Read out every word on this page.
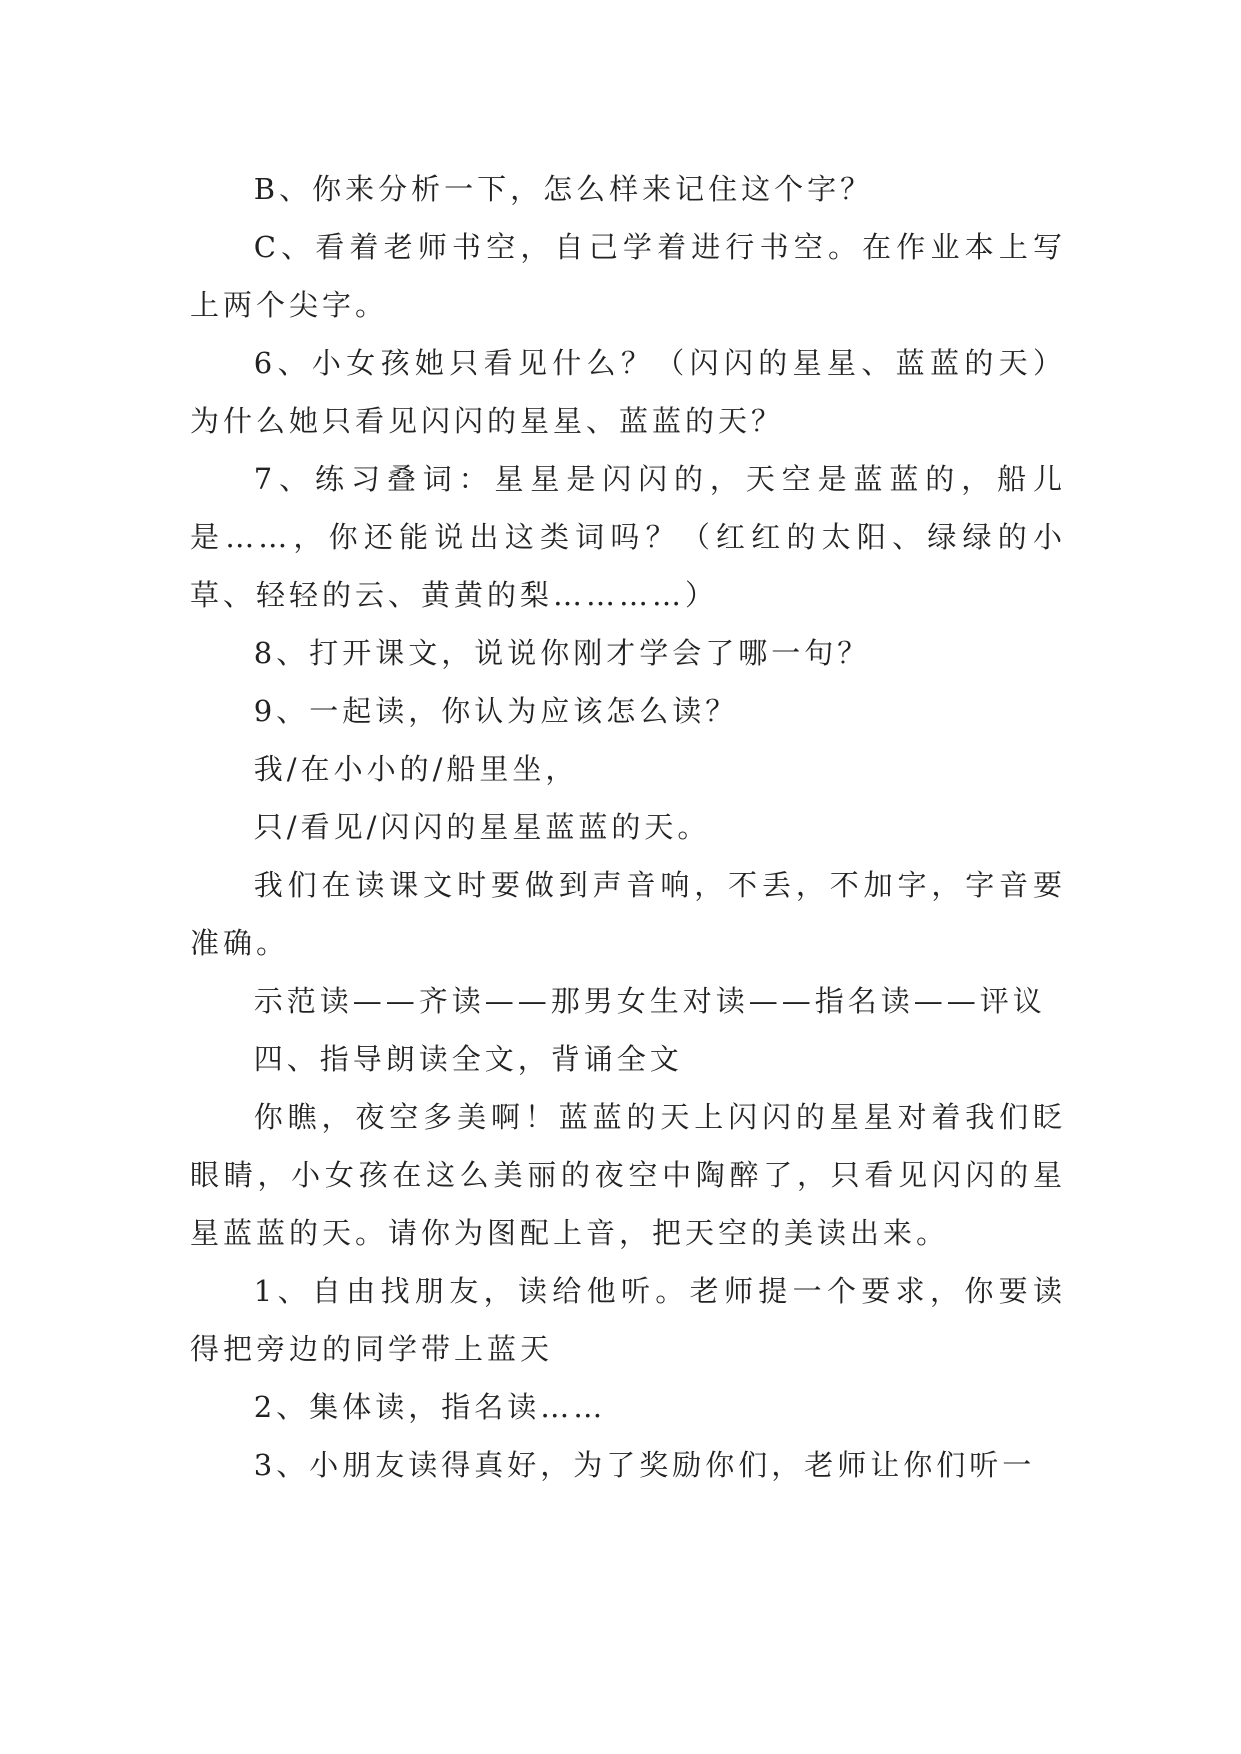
B、你来分析一下，怎么样来记住这个字？

C、看着老师书空，自己学着进行书空。在作业本上写上两个尖字。

6、小女孩她只看见什么？（闪闪的星星、蓝蓝的天）为什么她只看见闪闪的星星、蓝蓝的天？

7、练习叠词：星星是闪闪的，天空是蓝蓝的，船儿是……，你还能说出这类词吗？（红红的太阳、绿绿的小草、轻轻的云、黄黄的梨…………）

8、打开课文，说说你刚才学会了哪一句？

9、一起读，你认为应该怎么读？

我/在小小的/船里坐，

只/看见/闪闪的星星蓝蓝的天。

我们在读课文时要做到声音响，不丢，不加字，字音要准确。

示范读——齐读——那男女生对读——指名读——评议

四、指导朗读全文，背诵全文

你瞧，夜空多美啊！蓝蓝的天上闪闪的星星对着我们眨眼睛，小女孩在这么美丽的夜空中陶醉了，只看见闪闪的星星蓝蓝的天。请你为图配上音，把天空的美读出来。

1、自由找朋友，读给他听。老师提一个要求，你要读得把旁边的同学带上蓝天

2、集体读，指名读……

3、小朋友读得真好，为了奖励你们，老师让你们听一
